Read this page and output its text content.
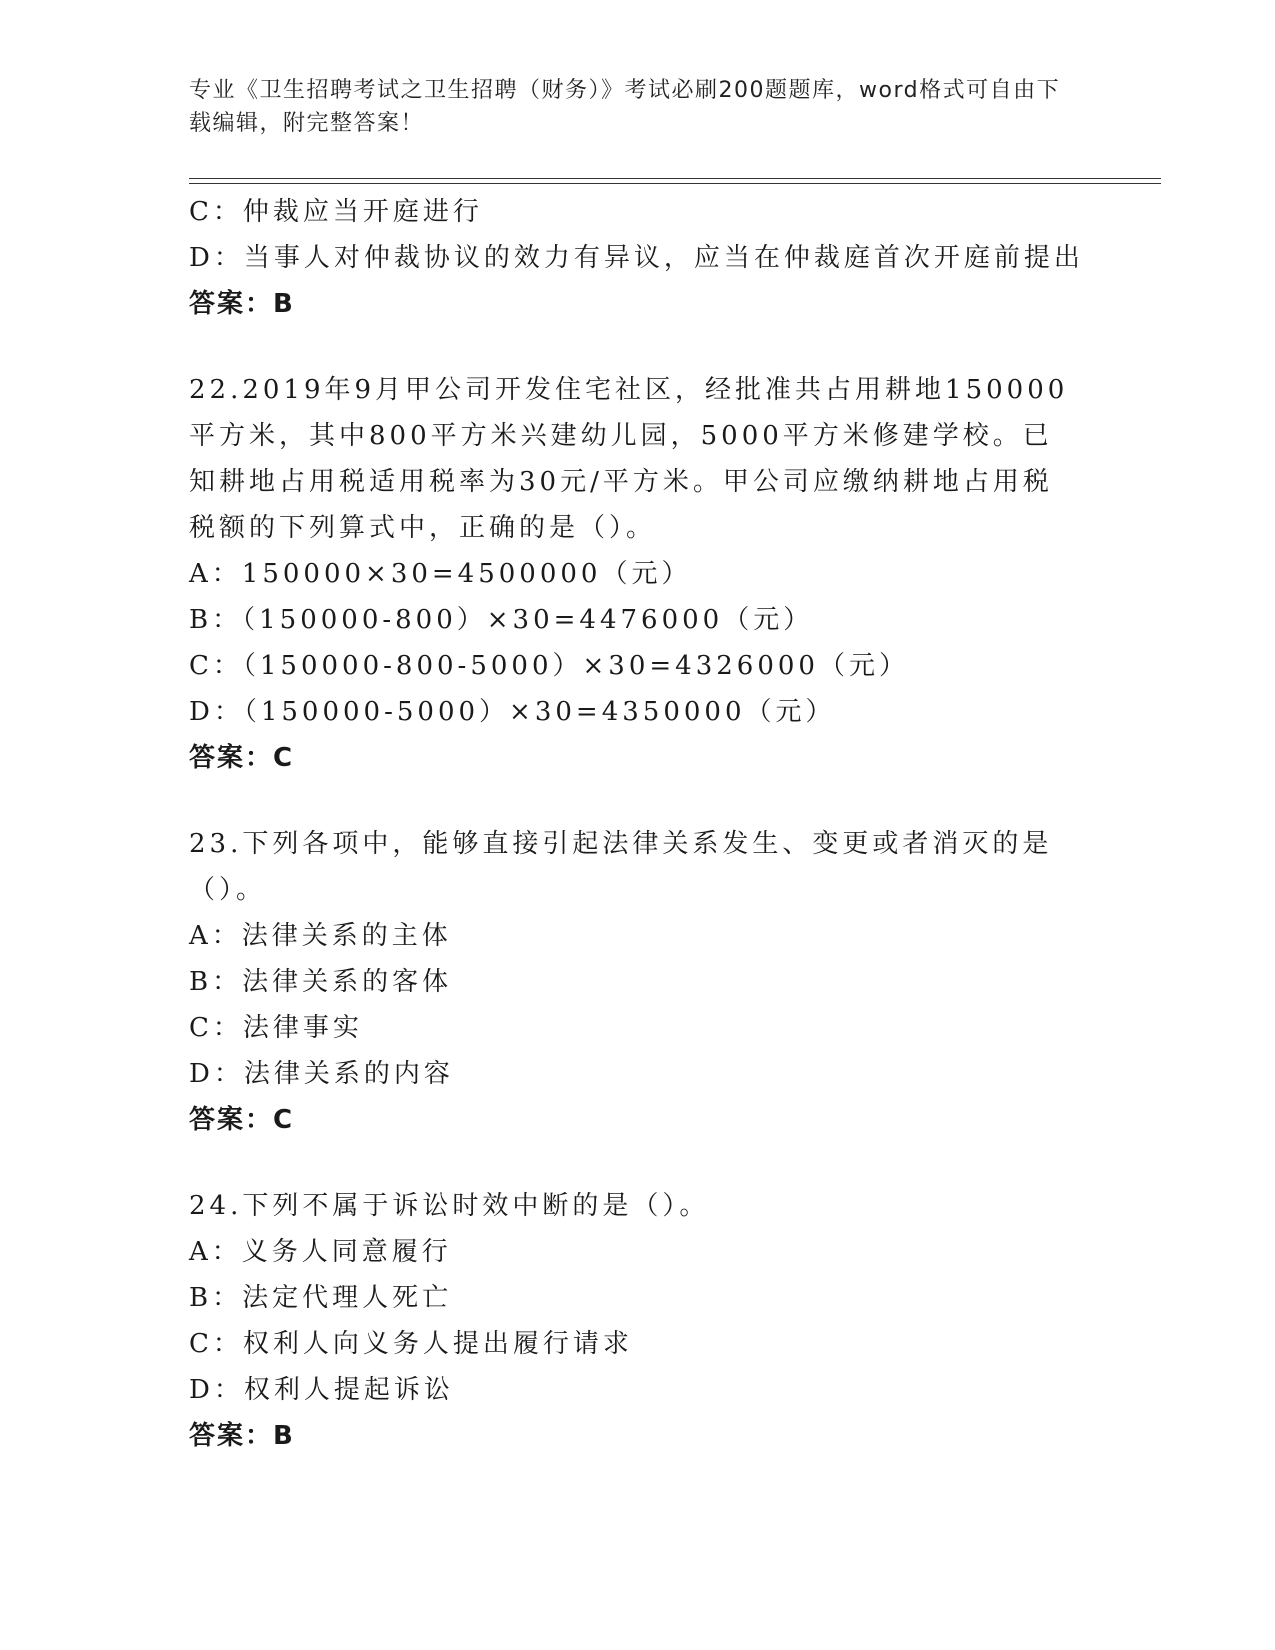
专业《卫生招聘考试之卫生招聘（财务）》考试必刷200题题库，word格式可自由下载编辑，附完整答案！
C：仲裁应当开庭进行
D：当事人对仲裁协议的效力有异议，应当在仲裁庭首次开庭前提出
答案：B
22.2019年9月甲公司开发住宅社区，经批准共占用耕地150000平方米，其中800平方米兴建幼儿园，5000平方米修建学校。已知耕地占用税适用税率为30元/平方米。甲公司应缴纳耕地占用税税额的下列算式中，正确的是（）。
A：150000×30=4500000（元）
B：（150000-800）×30=4476000（元）
C：（150000-800-5000）×30=4326000（元）
D：（150000-5000）×30=4350000（元）
答案：C
23.下列各项中，能够直接引起法律关系发生、变更或者消灭的是（）。
A：法律关系的主体
B：法律关系的客体
C：法律事实
D：法律关系的内容
答案：C
24.下列不属于诉讼时效中断的是（）。
A：义务人同意履行
B：法定代理人死亡
C：权利人向义务人提出履行请求
D：权利人提起诉讼
答案：B
